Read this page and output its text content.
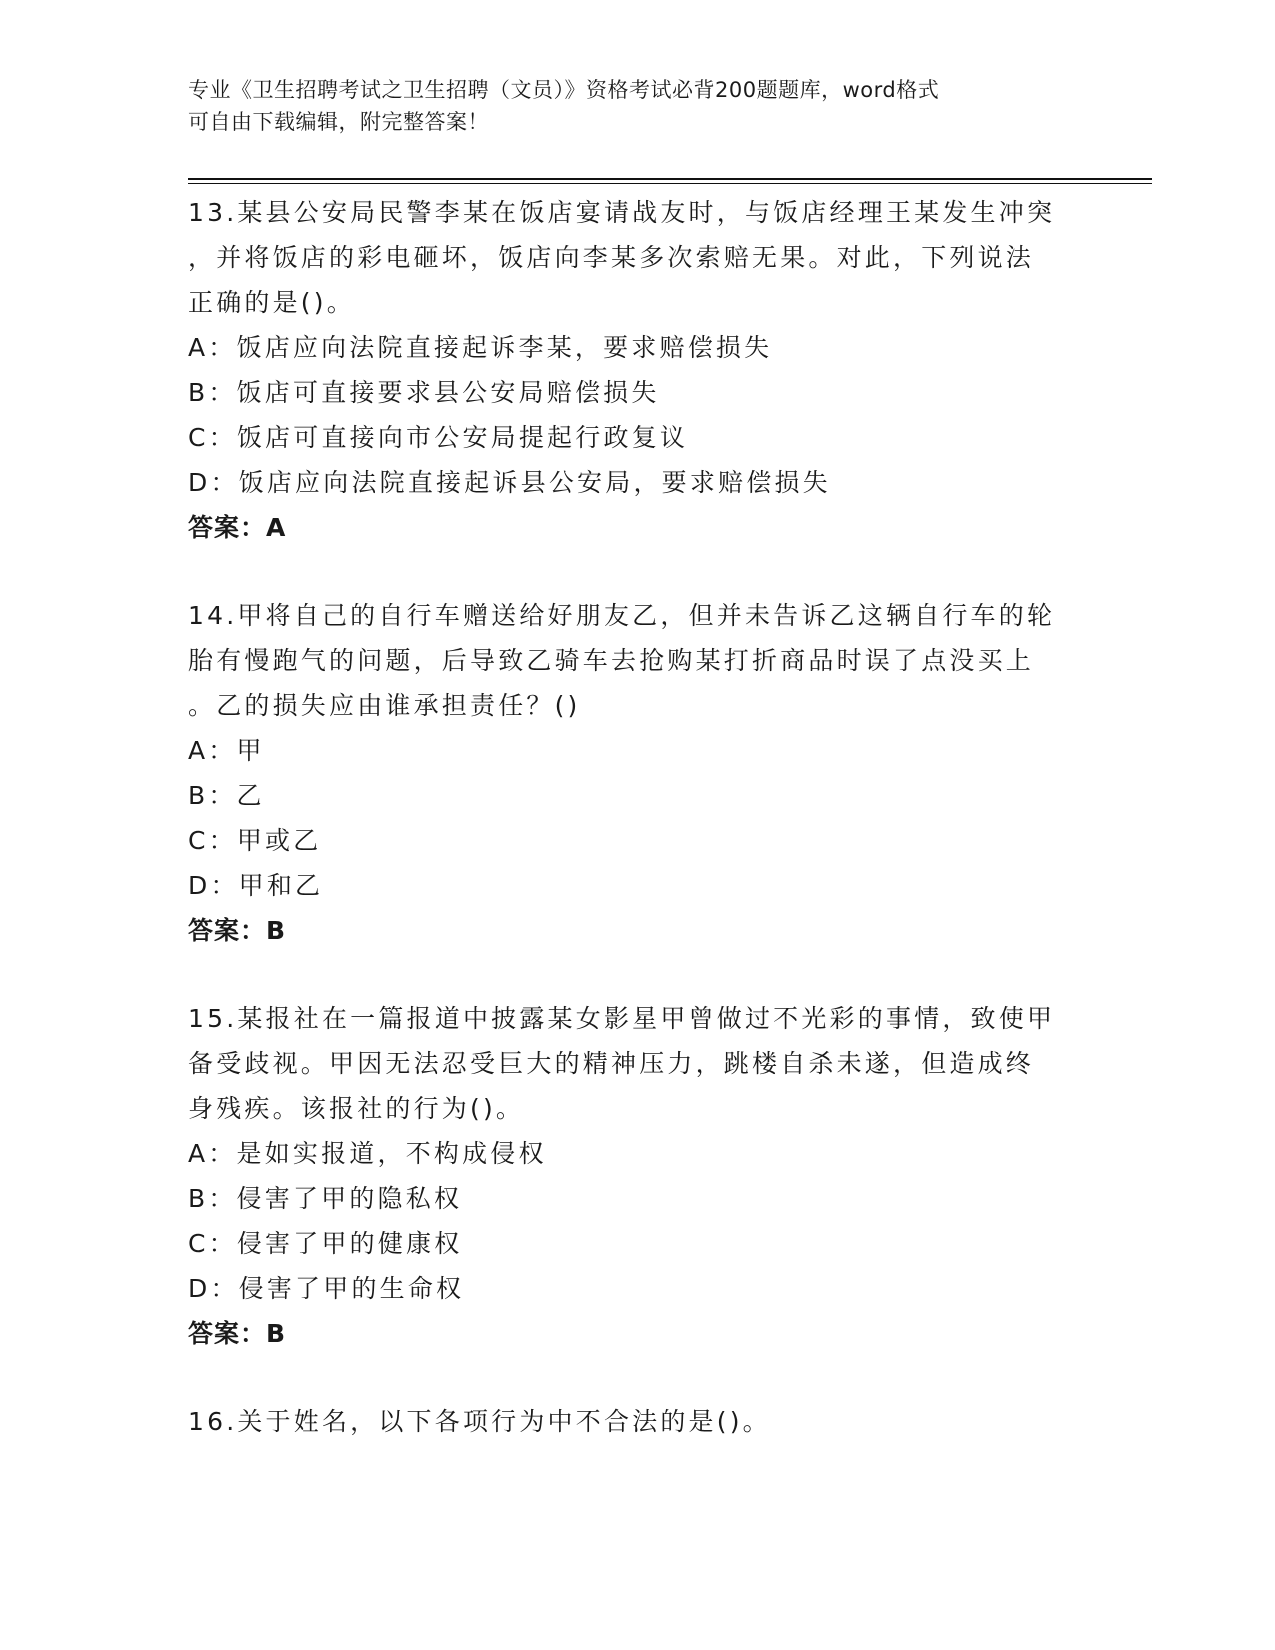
专业《卫生招聘考试之卫生招聘（文员）》资格考试必背200题题库，word格式
可自由下载编辑，附完整答案！
13.某县公安局民警李某在饭店宴请战友时，与饭店经理王某发生冲突
，并将饭店的彩电砸坏，饭店向李某多次索赔无果。对此，下列说法
正确的是()。
A：饭店应向法院直接起诉李某，要求赔偿损失
B：饭店可直接要求县公安局赔偿损失
C：饭店可直接向市公安局提起行政复议
D：饭店应向法院直接起诉县公安局，要求赔偿损失
答案：A
14.甲将自己的自行车赠送给好朋友乙，但并未告诉乙这辆自行车的轮
胎有慢跑气的问题，后导致乙骑车去抢购某打折商品时误了点没买上
。乙的损失应由谁承担责任？()
A：甲
B：乙
C：甲或乙
D：甲和乙
答案：B
15.某报社在一篇报道中披露某女影星甲曾做过不光彩的事情，致使甲
备受歧视。甲因无法忍受巨大的精神压力，跳楼自杀未遂，但造成终
身残疾。该报社的行为()。
A：是如实报道，不构成侵权
B：侵害了甲的隐私权
C：侵害了甲的健康权
D：侵害了甲的生命权
答案：B
16.关于姓名，以下各项行为中不合法的是()。
